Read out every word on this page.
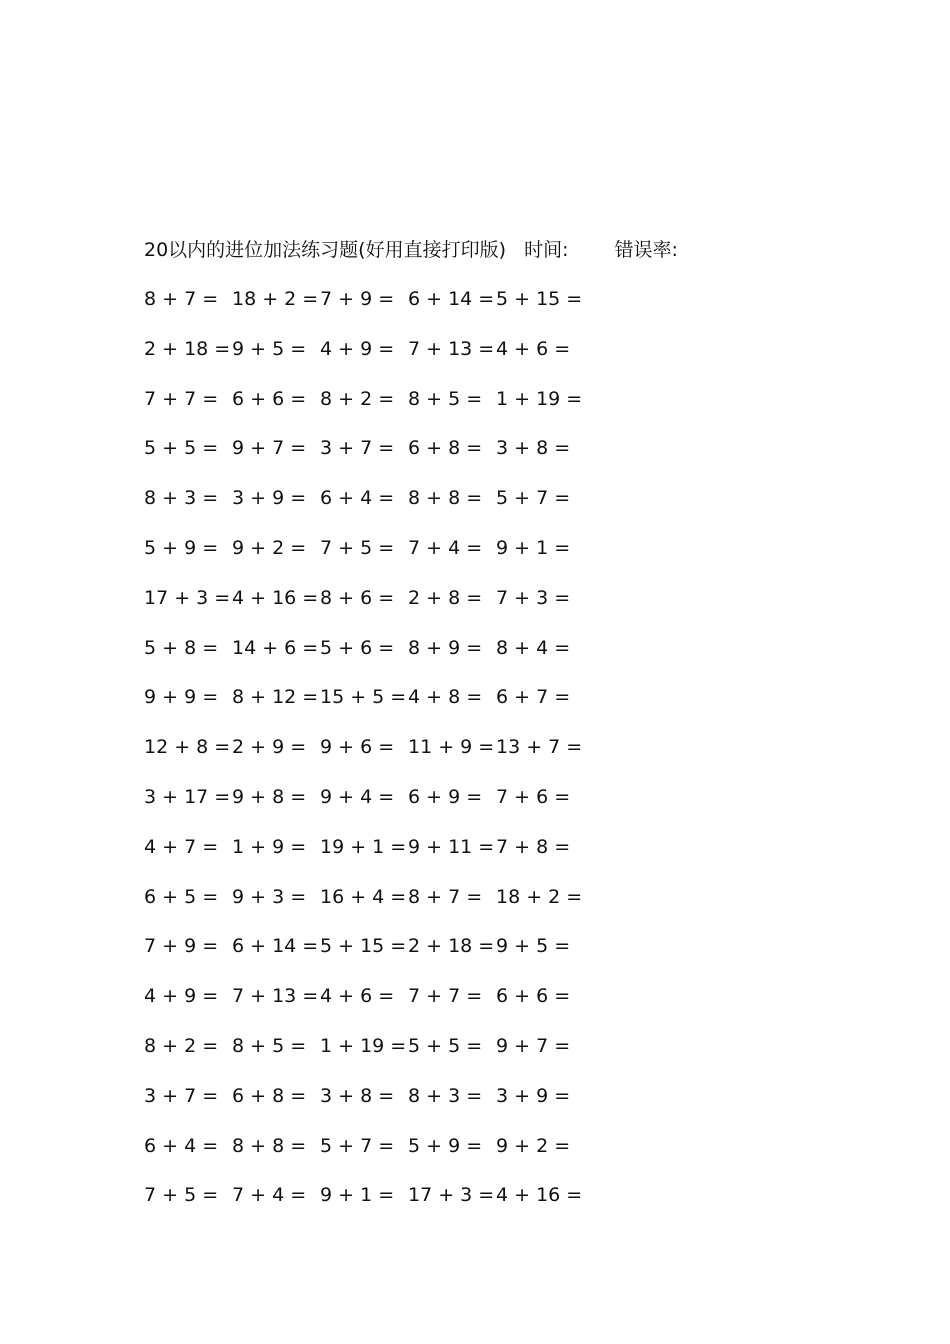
20以内的进位加法练习题(好用直接打印版) 时间: 错误率:
8 + 7 = 18 + 2 = 7 + 9 = 6 + 14 = 5 + 15 =
2 + 18 = 9 + 5 = 4 + 9 = 7 + 13 = 4 + 6 =
7 + 7 = 6 + 6 = 8 + 2 = 8 + 5 = 1 + 19 =
5 + 5 = 9 + 7 = 3 + 7 = 6 + 8 = 3 + 8 =
8 + 3 = 3 + 9 = 6 + 4 = 8 + 8 = 5 + 7 =
5 + 9 = 9 + 2 = 7 + 5 = 7 + 4 = 9 + 1 =
17 + 3 = 4 + 16 = 8 + 6 = 2 + 8 = 7 + 3 =
5 + 8 = 14 + 6 = 5 + 6 = 8 + 9 = 8 + 4 =
9 + 9 = 8 + 12 = 15 + 5 = 4 + 8 = 6 + 7 =
12 + 8 = 2 + 9 = 9 + 6 = 11 + 9 = 13 + 7 =
3 + 17 = 9 + 8 = 9 + 4 = 6 + 9 = 7 + 6 =
4 + 7 = 1 + 9 = 19 + 1 = 9 + 11 = 7 + 8 =
6 + 5 = 9 + 3 = 16 + 4 = 8 + 7 = 18 + 2 =
7 + 9 = 6 + 14 = 5 + 15 = 2 + 18 = 9 + 5 =
4 + 9 = 7 + 13 = 4 + 6 = 7 + 7 = 6 + 6 =
8 + 2 = 8 + 5 = 1 + 19 = 5 + 5 = 9 + 7 =
3 + 7 = 6 + 8 = 3 + 8 = 8 + 3 = 3 + 9 =
6 + 4 = 8 + 8 = 5 + 7 = 5 + 9 = 9 + 2 =
7 + 5 = 7 + 4 = 9 + 1 = 17 + 3 = 4 + 16 =
